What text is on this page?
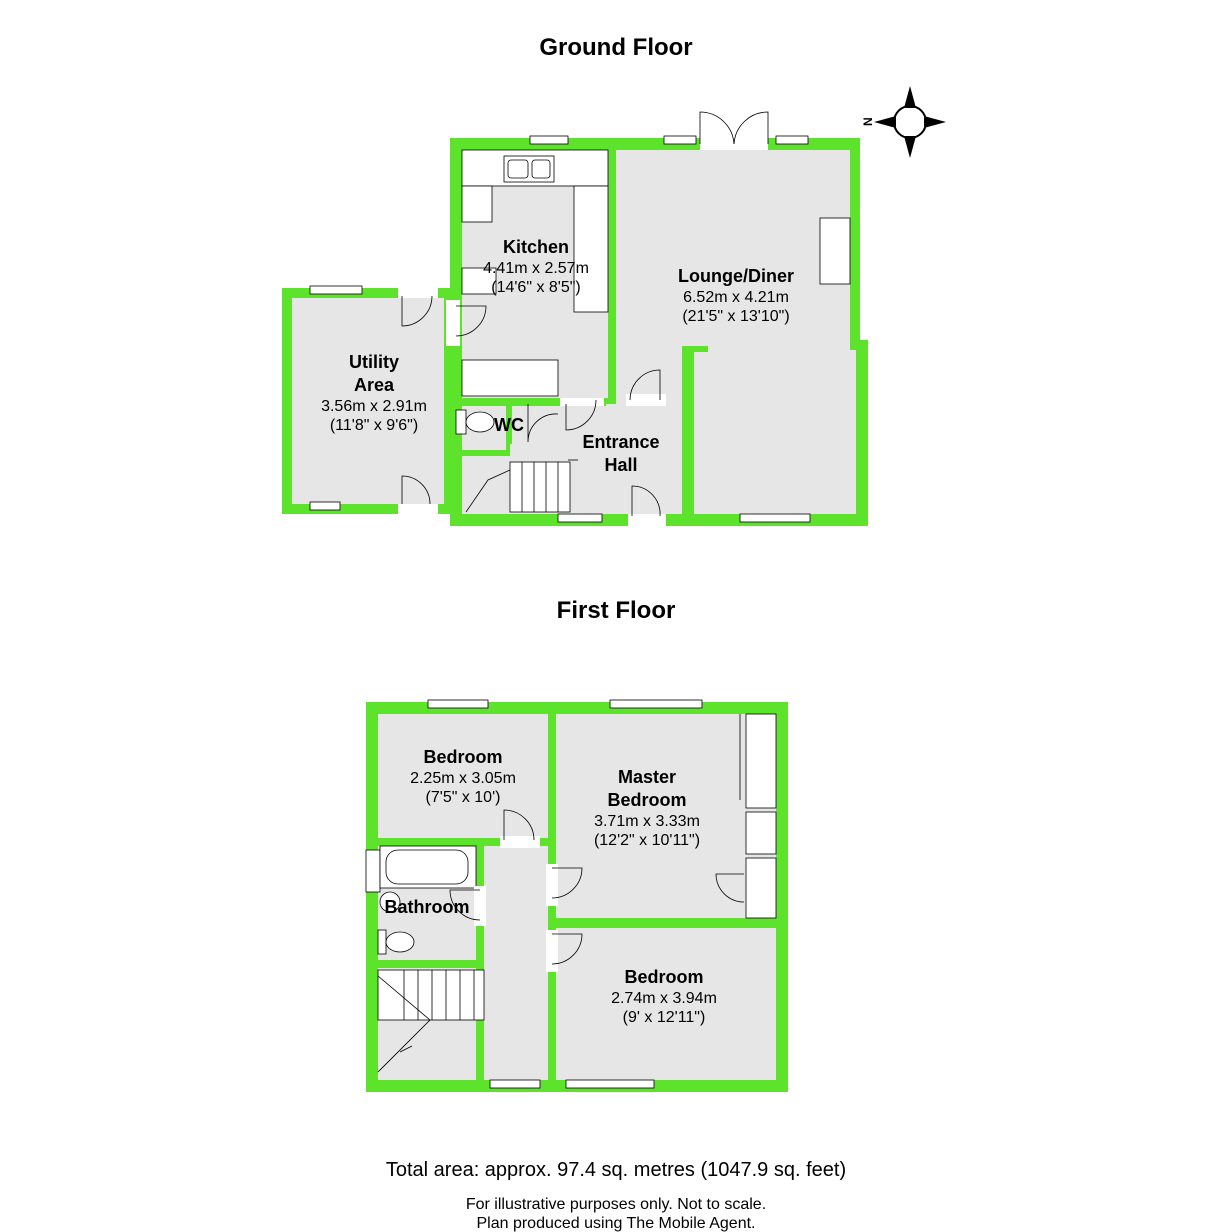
Ground Floor
N
Kitchen
4.41m x 2.57m
(14'6" x 8'5")
Lounge/Diner
6.52m x 4.21m
(21'5" x 13'10")
Utility
Area
3.56m x 2.91m
(11'8" x 9'6")	WC
Entrance
Hall
First Floor
Bedroom
2.25m x 3.05m
(7'5" x 10')
Master
Bedroom
3.71m x 3.33m
(12'2" x 10'11")
Bathroom
Bedroom
2.74m x 3.94m
(9' x 12'11")
Total area: approx. 97.4 sq. metres (1047.9 sq. feet)
For illustrative purposes only. Not to scale.
Plan produced using The Mobile Agent.
